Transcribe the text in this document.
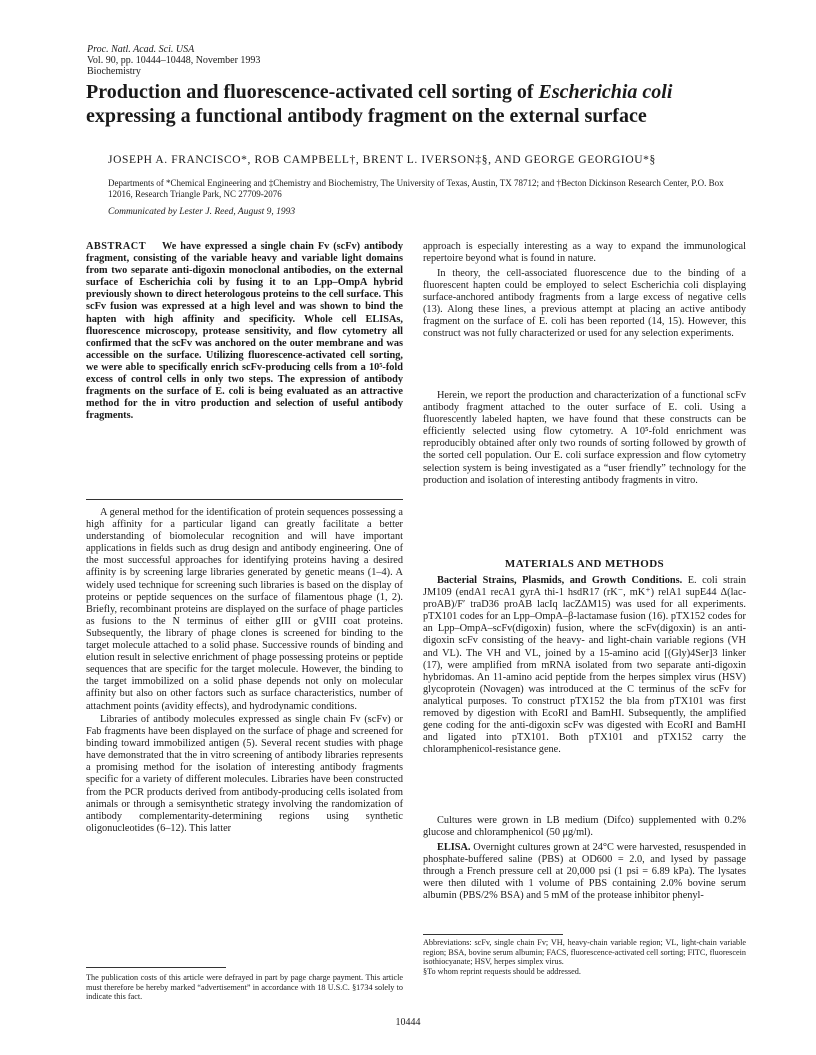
Proc. Natl. Acad. Sci. USA
Vol. 90, pp. 10444–10448, November 1993
Biochemistry
Production and fluorescence-activated cell sorting of Escherichia coli expressing a functional antibody fragment on the external surface
JOSEPH A. FRANCISCO*, ROB CAMPBELL†, BRENT L. IVERSON‡§, AND GEORGE GEORGIOU*§
Departments of *Chemical Engineering and ‡Chemistry and Biochemistry, The University of Texas, Austin, TX 78712; and †Becton Dickinson Research Center, P.O. Box 12016, Research Triangle Park, NC 27709-2076
Communicated by Lester J. Reed, August 9, 1993
ABSTRACT We have expressed a single chain Fv (scFv) antibody fragment, consisting of the variable heavy and variable light domains from two separate anti-digoxin monoclonal antibodies, on the external surface of Escherichia coli by fusing it to an Lpp–OmpA hybrid previously shown to direct heterologous proteins to the cell surface. This scFv fusion was expressed at a high level and was shown to bind the hapten with high affinity and specificity. Whole cell ELISAs, fluorescence microscopy, protease sensitivity, and flow cytometry all confirmed that the scFv was anchored on the outer membrane and was accessible on the surface. Utilizing fluorescence-activated cell sorting, we were able to specifically enrich scFv-producing cells from a 10⁵-fold excess of control cells in only two steps. The expression of antibody fragments on the surface of E. coli is being evaluated as an attractive method for the in vitro production and selection of useful antibody fragments.
A general method for the identification of protein sequences possessing a high affinity for a particular ligand can greatly facilitate a better understanding of biomolecular recognition and will have important applications in fields such as drug design and antibody engineering. One of the most successful approaches for identifying proteins having a desired affinity is by screening large libraries generated by genetic means (1–4). A widely used technique for screening such libraries is based on the display of proteins or peptide sequences on the surface of filamentous phage (1, 2). Briefly, recombinant proteins are displayed on the surface of phage particles as fusions to the N terminus of either gIII or gVIII coat proteins. Subsequently, the library of phage clones is screened for binding to the target molecule attached to a solid phase. Successive rounds of binding and elution result in selective enrichment of phage possessing proteins or peptide sequences that are specific for the target molecule. However, the binding to the target immobilized on a solid phase depends not only on molecular affinity but also on other factors such as surface characteristics, number of attachment points (avidity effects), and hydrodynamic conditions.
Libraries of antibody molecules expressed as single chain Fv (scFv) or Fab fragments have been displayed on the surface of phage and screened for binding toward immobilized antigen (5). Several recent studies with phage have demonstrated that the in vitro screening of antibody libraries represents a promising method for the isolation of interesting antibody fragments specific for a variety of different molecules. Libraries have been constructed from the PCR products derived from antibody-producing cells isolated from animals or through a semisynthetic strategy involving the randomization of antibody complementarity-determining regions using synthetic oligonucleotides (6–12). This latter
The publication costs of this article were defrayed in part by page charge payment. This article must therefore be hereby marked “advertisement” in accordance with 18 U.S.C. §1734 solely to indicate this fact.
approach is especially interesting as a way to expand the immunological repertoire beyond what is found in nature.
In theory, the cell-associated fluorescence due to the binding of a fluorescent hapten could be employed to select Escherichia coli displaying surface-anchored antibody fragments from a large excess of negative cells (13). Along these lines, a previous attempt at placing an active antibody fragment on the surface of E. coli has been reported (14, 15). However, this construct was not fully characterized or used for any selection experiments.
Herein, we report the production and characterization of a functional scFv antibody fragment attached to the outer surface of E. coli. Using a fluorescently labeled hapten, we have found that these constructs can be efficiently selected using flow cytometry. A 10⁵-fold enrichment was reproducibly obtained after only two rounds of sorting followed by growth of the sorted cell population. Our E. coli surface expression and flow cytometry selection system is being investigated as a “user friendly” technology for the production and isolation of interesting antibody fragments in vitro.
MATERIALS AND METHODS
Bacterial Strains, Plasmids, and Growth Conditions. E. coli strain JM109 (endA1 recA1 gyrA thi-1 hsdR17 (rK⁻, mK⁺) relA1 supE44 Δ(lac-proAB)/F′ traD36 proAB lacIq lacZΔM15) was used for all experiments. pTX101 codes for an Lpp–OmpA–β-lactamase fusion (16). pTX152 codes for an Lpp–OmpA–scFv(digoxin) fusion, where the scFv(digoxin) is an anti-digoxin scFv consisting of the heavy- and light-chain variable regions (VH and VL). The VH and VL, joined by a 15-amino acid [(Gly)4Ser]3 linker (17), were amplified from mRNA isolated from two separate anti-digoxin hybridomas. An 11-amino acid peptide from the herpes simplex virus (HSV) glycoprotein (Novagen) was introduced at the C terminus of the scFv for analytical purposes. To construct pTX152 the bla from pTX101 was first removed by digestion with EcoRI and BamHI. Subsequently, the amplified gene coding for the anti-digoxin scFv was digested with EcoRI and BamHI and ligated into pTX101. Both pTX101 and pTX152 carry the chloramphenicol-resistance gene.
Cultures were grown in LB medium (Difco) supplemented with 0.2% glucose and chloramphenicol (50 μg/ml).
ELISA. Overnight cultures grown at 24°C were harvested, resuspended in phosphate-buffered saline (PBS) at OD600 = 2.0, and lysed by passage through a French pressure cell at 20,000 psi (1 psi = 6.89 kPa). The lysates were then diluted with 1 volume of PBS containing 2.0% bovine serum albumin (PBS/2% BSA) and 5 mM of the protease inhibitor phenyl-

Abbreviations: scFv, single chain Fv; VH, heavy-chain variable region; VL, light-chain variable region; BSA, bovine serum albumin; FACS, fluorescence-activated cell sorting; FITC, fluorescein isothiocyanate; HSV, herpes simplex virus.

§To whom reprint requests should be addressed.

10444
